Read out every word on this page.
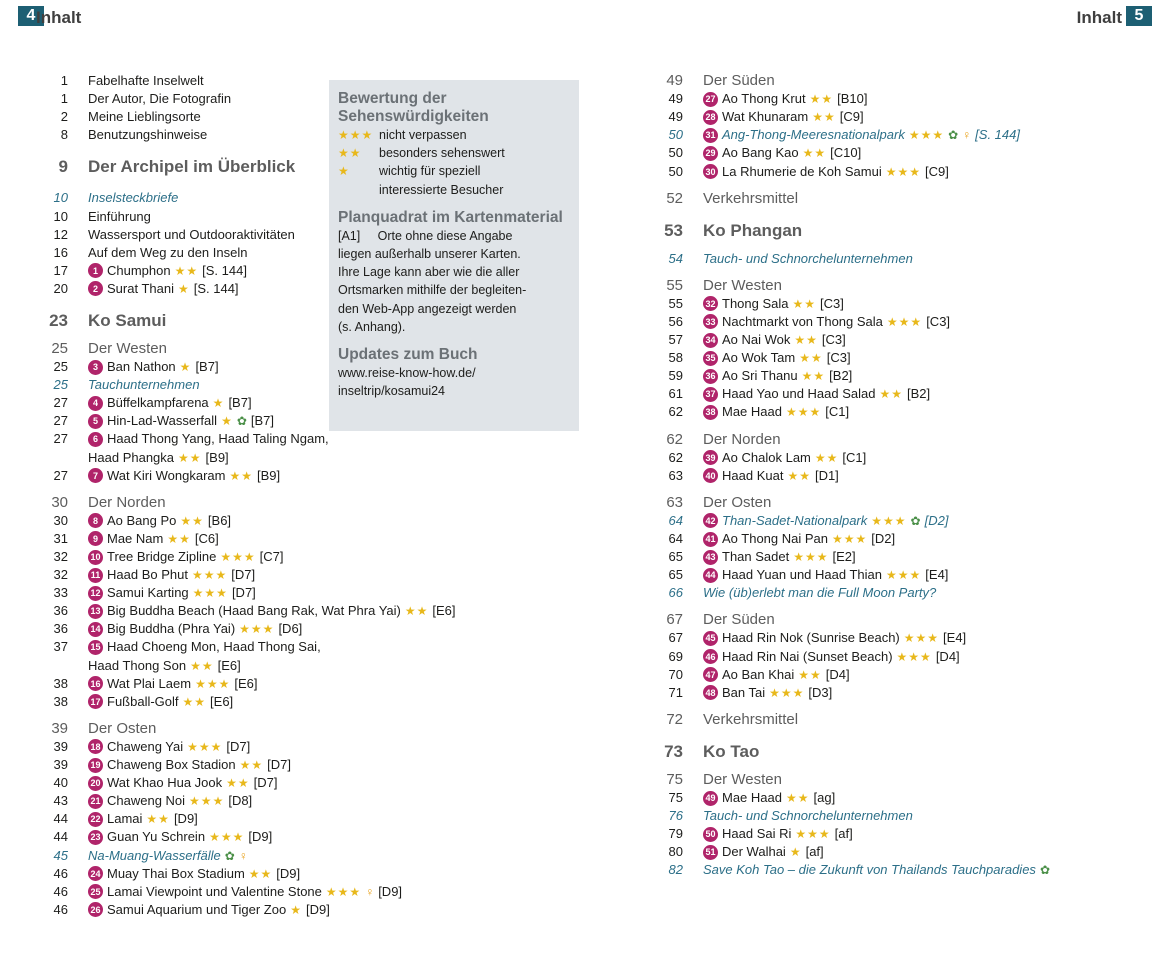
4 Inhalt	Inhalt 5
1	Fabelhafte Inselwelt
1	Der Autor, Die Fotografin
2	Meine Lieblingsorte
8	Benutzungshinweise
9	Der Archipel im Überblick
10	Inselsteckbriefe
10	Einführung
12	Wassersport und Outdooraktivitäten
16	Auf dem Weg zu den Inseln
17	1 Chumphon ★★ [S. 144]
20	2 Surat Thani ★ [S. 144]
23	Ko Samui
25	Der Westen
25	3 Ban Nathon ★ [B7]
25	Tauchunternehmen
27	4 Büffelkampfarena ★ [B7]
27	5 Hin-Lad-Wasserfall ★ ✿ [B7]
27	6 Haad Thong Yang, Haad Taling Ngam,
Haad Phangka ★★ [B9]
27	7 Wat Kiri Wongkaram ★★ [B9]
30	Der Norden
30	8 Ao Bang Po ★★ [B6]
31	9 Mae Nam ★★ [C6]
32	10 Tree Bridge Zipline ★★★ [C7]
32	11 Haad Bo Phut ★★★ [D7]
33	12 Samui Karting ★★★ [D7]
36	13 Big Buddha Beach (Haad Bang Rak, Wat Phra Yai) ★★ [E6]
36	14 Big Buddha (Phra Yai) ★★★ [D6]
37	15 Haad Choeng Mon, Haad Thong Sai,
Haad Thong Son ★★ [E6]
38	16 Wat Plai Laem ★★★ [E6]
38	17 Fußball-Golf ★★ [E6]
39	Der Osten
39	18 Chaweng Yai ★★★ [D7]
39	19 Chaweng Box Stadion ★★ [D7]
40	20 Wat Khao Hua Jook ★★ [D7]
43	21 Chaweng Noi ★★★ [D8]
44	22 Lamai ★★ [D9]
44	23 Guan Yu Schrein ★★★ [D9]
45	Na-Muang-Wasserfälle ✿ ♀
46	24 Muay Thai Box Stadium ★★ [D9]
46	25 Lamai Viewpoint und Valentine Stone ★★★ ♀ [D9]
46	26 Samui Aquarium und Tiger Zoo ★ [D9]
49	Der Süden
49	27 Ao Thong Krut ★★ [B10]
49	28 Wat Khunaram ★★ [C9]
50	31 Ang-Thong-Meeresnationalpark ★★★ ✿ ♀ [S. 144]
50	29 Ao Bang Kao ★★ [C10]
50	30 La Rhumerie de Koh Samui ★★★ [C9]
52	Verkehrsmittel
53	Ko Phangan
54	Tauch- und Schnorchelunternehmen
55	Der Westen
55	32 Thong Sala ★★ [C3]
56	33 Nachtmarkt von Thong Sala ★★★ [C3]
57	34 Ao Nai Wok ★★ [C3]
58	35 Ao Wok Tam ★★ [C3]
59	36 Ao Sri Thanu ★★ [B2]
61	37 Haad Yao und Haad Salad ★★ [B2]
62	38 Mae Haad ★★★ [C1]
62	Der Norden
62	39 Ao Chalok Lam ★★ [C1]
63	40 Haad Kuat ★★ [D1]
63	Der Osten
64	42 Than-Sadet-Nationalpark ★★★ ✿ [D2]
64	41 Ao Thong Nai Pan ★★★ [D2]
65	43 Than Sadet ★★★ [E2]
65	44 Haad Yuan und Haad Thian ★★★ [E4]
66	Wie (üb)erlebt man die Full Moon Party?
67	Der Süden
67	45 Haad Rin Nok (Sunrise Beach) ★★★ [E4]
69	46 Haad Rin Nai (Sunset Beach) ★★★ [D4]
70	47 Ao Ban Khai ★★ [D4]
71	48 Ban Tai ★★★ [D3]
72	Verkehrsmittel
73	Ko Tao
75	Der Westen
75	49 Mae Haad ★★ [ag]
76	Tauch- und Schnorchelunternehmen
79	50 Haad Sai Ri ★★★ [af]
80	51 Der Walhai ★ [af]
82	Save Koh Tao – die Zukunft von Thailands Tauchparadies ✿
Bewertung der
Sehenswürdigkeiten
★★★ nicht verpassen
★★	besonders sehenswert
★	wichtig für speziell
interessierte Besucher
Planquadrat im Kartenmaterial
[A1]     Orte ohne diese Angabe
liegen außerhalb unserer Karten.
Ihre Lage kann aber wie die aller
Ortsmarken mithilfe der begleiten-
den Web-App angezeigt werden
(s. Anhang).
Updates zum Buch
www.reise-know-how.de/
inseltrip/kosamui24
